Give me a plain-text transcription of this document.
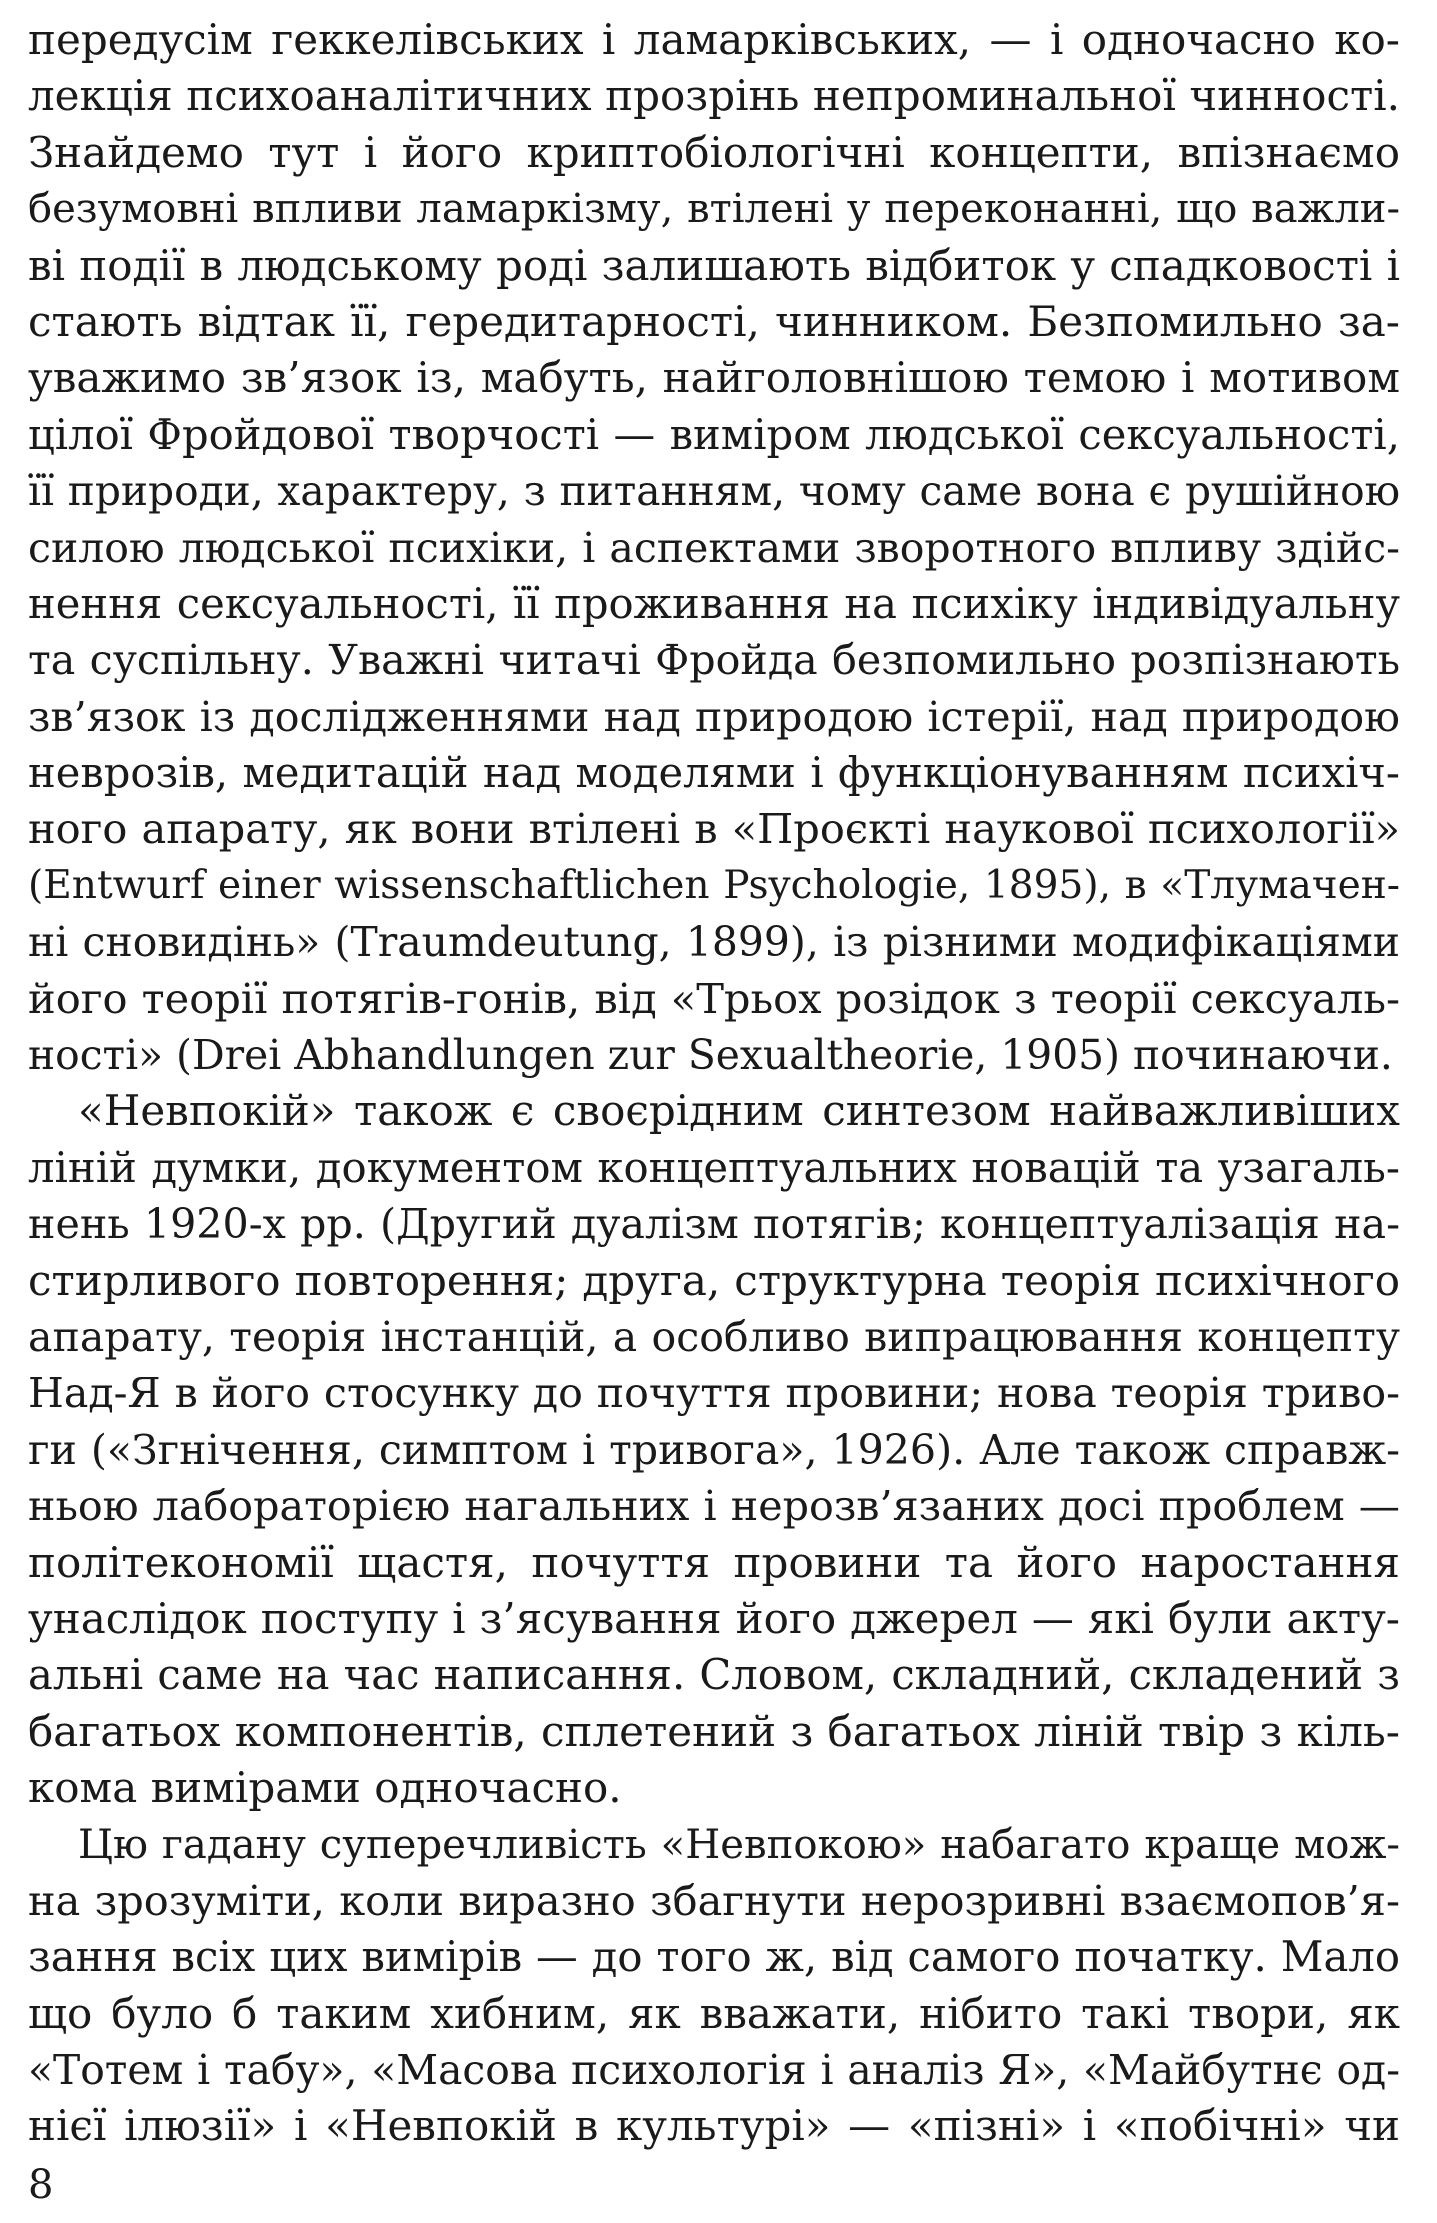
передусім геккелівських і ламарківських, — і одночасно ко-
лекція психоаналітичних прозрінь непроминальної чинності.
Знайдемо тут і його криптобіологічні концепти, впізнаємо
безумовні впливи ламаркізму, втілені у переконанні, що важли-
ві події в людському роді залишають відбиток у спадковості і
стають відтак її, гередитарності, чинником. Безпомильно за-
уважимо зв’язок із, мабуть, найголовнішою темою і мотивом
цілої Фройдової творчості — виміром людської сексуальності,
її природи, характеру, з питанням, чому саме вона є рушійною
силою людської психіки, і аспектами зворотного впливу здійс-
нення сексуальності, її проживання на психіку індивідуальну
та суспільну. Уважні читачі Фройда безпомильно розпізнають
зв’язок із дослідженнями над природою істерії, над природою
неврозів, медитацій над моделями і функціонуванням психіч-
ного апарату, як вони втілені в «Проєкті наукової психології»
(Entwurf einer wissenschaftlichen Psychologie, 1895), в «Тлумачен-
ні сновидінь» (Traumdeutung, 1899), із різними модифікаціями
його теорії потягів-гонів, від «Трьох розідок з теорії сексуаль-
ності» (Drei Abhandlungen zur Sexualtheorie, 1905) починаючи.
«Невпокій» також є своєрідним синтезом найважливіших
ліній думки, документом концептуальних новацій та узагаль-
нень 1920-х рр. (Другий дуалізм потягів; концептуалізація на-
стирливого повторення; друга, структурна теорія психічного
апарату, теорія інстанцій, а особливо випрацювання концепту
Над-Я в його стосунку до почуття провини; нова теорія триво-
ги («Згнічення, симптом і тривога», 1926). Але також справж-
ньою лабораторією нагальних і нерозв’язаних досі проблем —
політекономії щастя, почуття провини та його наростання
унаслідок поступу і з’ясування його джерел — які були акту-
альні саме на час написання. Словом, складний, складений з
багатьох компонентів, сплетений з багатьох ліній твір з кіль-
кома вимірами одночасно.
Цю гадану суперечливість «Невпокою» набагато краще мож-
на зрозуміти, коли виразно збагнути нерозривні взаємопов’я-
зання всіх цих вимірів — до того ж, від самого початку. Мало
що було б таким хибним, як вважати, нібито такі твори, як
«Тотем і табу», «Масова психологія і аналіз Я», «Майбутнє од-
нієї ілюзії» і «Невпокій в культурі» — «пізні» і «побічні» чи
8
